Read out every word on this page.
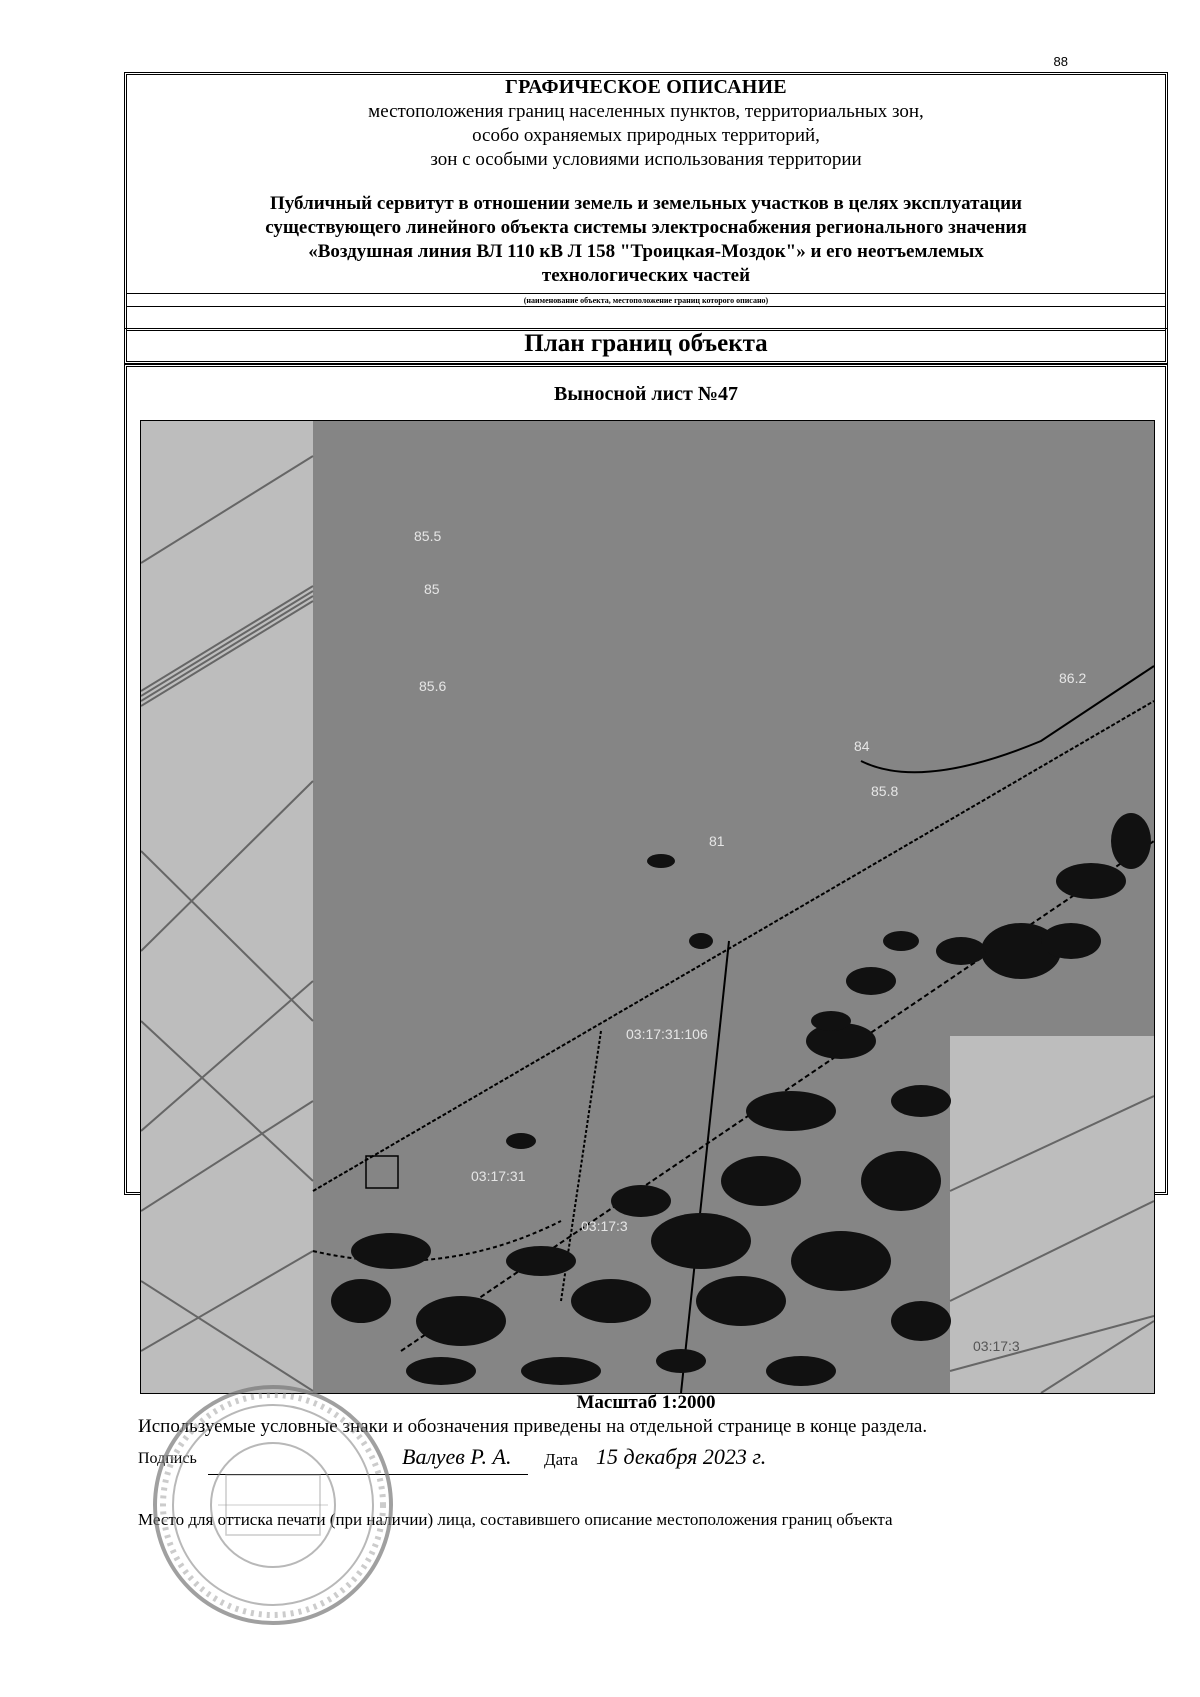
88
ГРАФИЧЕСКОЕ ОПИСАНИЕ
местоположения границ населенных пунктов, территориальных зон,
особо охраняемых природных территорий,
зон с особыми условиями использования территории
Публичный сервитут в отношении земель и земельных участков в целях эксплуатации
существующего линейного объекта системы электроснабжения регионального значения
«Воздушная линия ВЛ 110 кВ Л 158 "Троицкая-Моздок"» и его неотъемлемых
технологических частей
(наименование объекта, местоположение границ которого описано)
План границ объекта
Выносной лист №47
85.5
85
85.6	86.2
84
81
85.8
03:17:31:106
03:17:31
03:17:3
03:17:3
Масштаб 1:2000
Используемые условные знаки и обозначения приведены на отдельной странице в конце раздела.
Подпись	Валуев Р. А. Дата 15 декабря 2023 г.
Место для оттиска печати (при наличии) лица, составившего описание местоположения границ объекта
